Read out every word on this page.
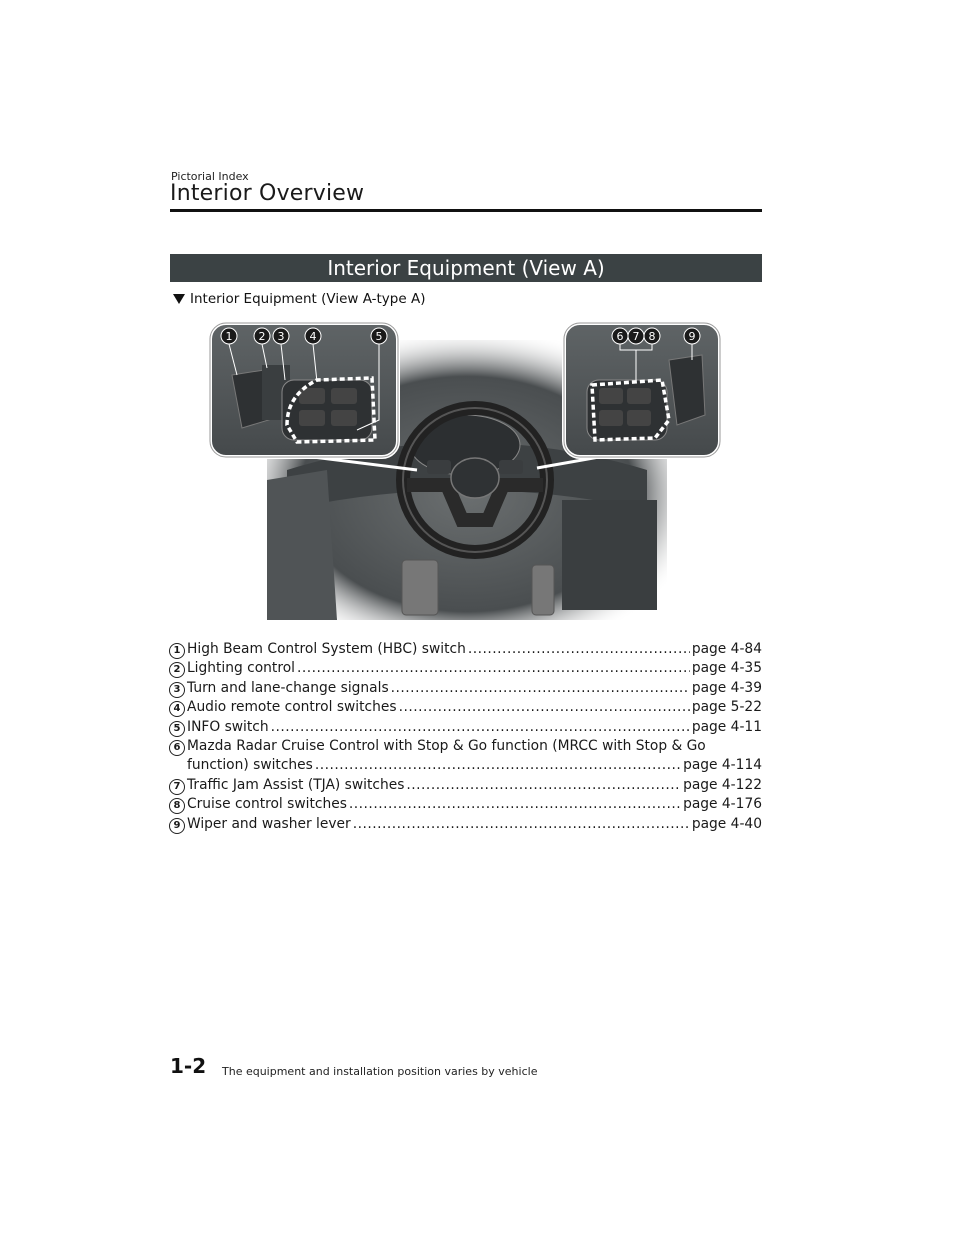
Pictorial Index
Interior Overview
Interior Equipment (View A)
Interior Equipment (View A-type A)
1 2 3 4	5	6 7 8	9
1 High Beam Control System (HBC) switch .....	page 4-84
2 Lighting control .....	page 4-35
3 Turn and lane-change signals .....	page 4-39
4 Audio remote control switches .....	page 5-22
5 INFO switch .....	page 4-11
6 Mazda Radar Cruise Control with Stop & Go function (MRCC with Stop & Go
function) switches .....	page 4-114
7 Traffic Jam Assist (TJA) switches .....	page 4-122
8 Cruise control switches .....	page 4-176
9 Wiper and washer lever .....	page 4-40
1-2 The equipment and installation position varies by vehicle
